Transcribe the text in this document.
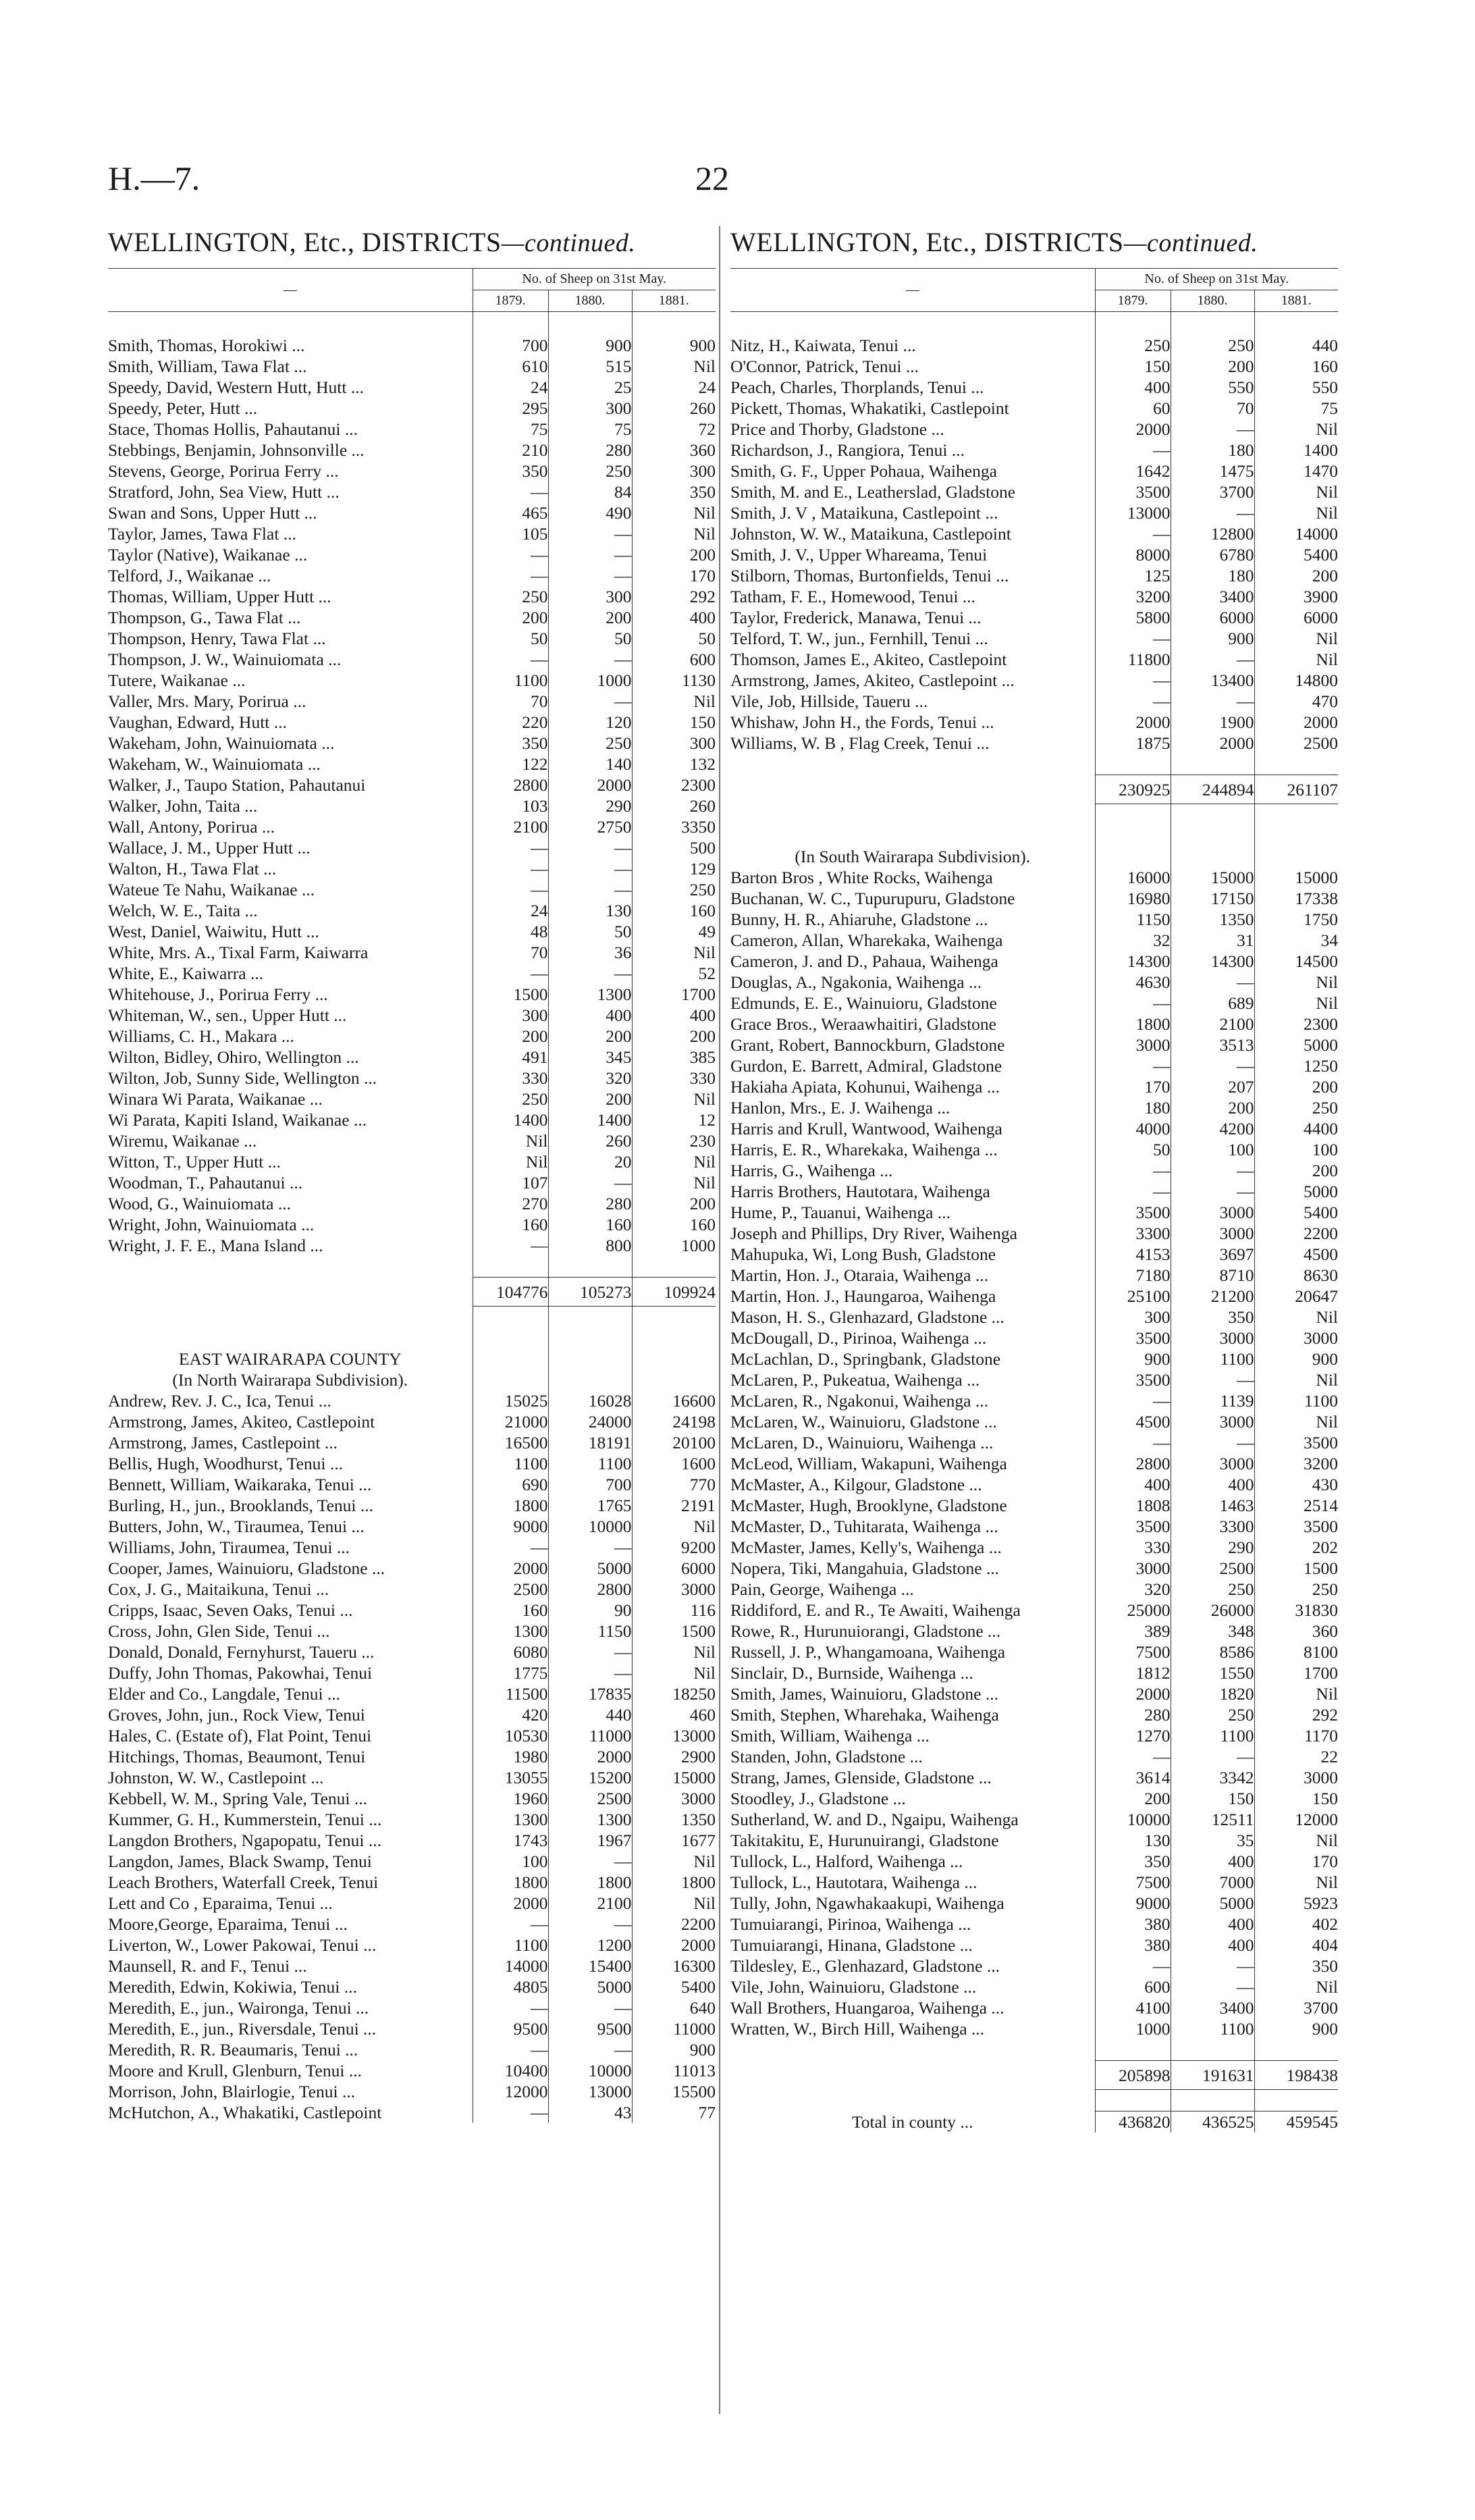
H.—7.	22
WELLINGTON, Etc., DISTRICTS—continued.
—	No. of Sheep on 31st May.		
	1879.	1880.	1881.

Smith, Thomas, Horokiwi ...	700	900	900
Smith, William, Tawa Flat ...	610	515	Nil
Speedy, David, Western Hutt, Hutt ...	24	25	24
Speedy, Peter, Hutt ...	295	300	260
Stace, Thomas Hollis, Pahautanui ...	75	75	72
Stebbings, Benjamin, Johnsonville ...	210	280	360
Stevens, George, Porirua Ferry ...	350	250	300
Stratford, John, Sea View, Hutt ...	—	84	350
Swan and Sons, Upper Hutt ...	465	490	Nil
Taylor, James, Tawa Flat ...	105	—	Nil
Taylor (Native), Waikanae ...	—	—	200
Telford, J., Waikanae ...	—	—	170
Thomas, William, Upper Hutt ...	250	300	292
Thompson, G., Tawa Flat ...	200	200	400
Thompson, Henry, Tawa Flat ...	50	50	50
Thompson, J. W., Wainuiomata ...	—	—	600
Tutere, Waikanae ...	1100	1000	1130
Valler, Mrs. Mary, Porirua ...	70	—	Nil
Vaughan, Edward, Hutt ...	220	120	150
Wakeham, John, Wainuiomata ...	350	250	300
Wakeham, W., Wainuiomata ...	122	140	132
Walker, J., Taupo Station, Pahautanui	2800	2000	2300
Walker, John, Taita ...	103	290	260
Wall, Antony, Porirua ...	2100	2750	3350
Wallace, J. M., Upper Hutt ...	—	—	500
Walton, H., Tawa Flat ...	—	—	129
Wateue Te Nahu, Waikanae ...	—	—	250
Welch, W. E., Taita ...	24	130	160
West, Daniel, Waiwitu, Hutt ...	48	50	49
White, Mrs. A., Tixal Farm, Kaiwarra	70	36	Nil
White, E., Kaiwarra ...	—	—	52
Whitehouse, J., Porirua Ferry ...	1500	1300	1700
Whiteman, W., sen., Upper Hutt ...	300	400	400
Williams, C. H., Makara ...	200	200	200
Wilton, Bidley, Ohiro, Wellington ...	491	345	385
Wilton, Job, Sunny Side, Wellington ...	330	320	330
Winara Wi Parata, Waikanae ...	250	200	Nil
Wi Parata, Kapiti Island, Waikanae ...	1400	1400	12
Wiremu, Waikanae ...	Nil	260	230
Witton, T., Upper Hutt ...	Nil	20	Nil
Woodman, T., Pahautanui ...	107	—	Nil
Wood, G., Wainuiomata ...	270	280	200
Wright, John, Wainuiomata ...	160	160	160
Wright, J. F. E., Mana Island ...	—	800	1000

	104776	105273	109924

EAST WAIRARAPA COUNTY			
(In North Wairarapa Subdivision).			
Andrew, Rev. J. C., Ica, Tenui ...	15025	16028	16600
Armstrong, James, Akiteo, Castlepoint	21000	24000	24198
Armstrong, James, Castlepoint ...	16500	18191	20100
Bellis, Hugh, Woodhurst, Tenui ...	1100	1100	1600
Bennett, William, Waikaraka, Tenui ...	690	700	770
Burling, H., jun., Brooklands, Tenui ...	1800	1765	2191
Butters, John, W., Tiraumea, Tenui ...	9000	10000	Nil
Williams, John, Tiraumea, Tenui ...	—	—	9200
Cooper, James, Wainuioru, Gladstone ...	2000	5000	6000
Cox, J. G., Maitaikuna, Tenui ...	2500	2800	3000
Cripps, Isaac, Seven Oaks, Tenui ...	160	90	116
Cross, John, Glen Side, Tenui ...	1300	1150	1500
Donald, Donald, Fernyhurst, Taueru ...	6080	—	Nil
Duffy, John Thomas, Pakowhai, Tenui	1775	—	Nil
Elder and Co., Langdale, Tenui ...	11500	17835	18250
Groves, John, jun., Rock View, Tenui	420	440	460
Hales, C. (Estate of), Flat Point, Tenui	10530	11000	13000
Hitchings, Thomas, Beaumont, Tenui	1980	2000	2900
Johnston, W. W., Castlepoint ...	13055	15200	15000
Kebbell, W. M., Spring Vale, Tenui ...	1960	2500	3000
Kummer, G. H., Kummerstein, Tenui ...	1300	1300	1350
Langdon Brothers, Ngapopatu, Tenui ...	1743	1967	1677
Langdon, James, Black Swamp, Tenui	100	—	Nil
Leach Brothers, Waterfall Creek, Tenui	1800	1800	1800
Lett and Co , Eparaima, Tenui ...	2000	2100	Nil
Moore,George, Eparaima, Tenui ...	—	—	2200
Liverton, W., Lower Pakowai, Tenui ...	1100	1200	2000
Maunsell, R. and F., Tenui ...	14000	15400	16300
Meredith, Edwin, Kokiwia, Tenui ...	4805	5000	5400
Meredith, E., jun., Waironga, Tenui ...	—	—	640
Meredith, E., jun., Riversdale, Tenui ...	9500	9500	11000
Meredith, R. R. Beaumaris, Tenui ...	—	—	900
Moore and Krull, Glenburn, Tenui ...	10400	10000	11013
Morrison, John, Blairlogie, Tenui ...	12000	13000	15500
McHutchon, A., Whakatiki, Castlepoint	—	43	77
WELLINGTON, Etc., DISTRICTS—continued.
—	No. of Sheep on 31st May.		
	1879.	1880.	1881.

Nitz, H., Kaiwata, Tenui ...	250	250	440
O'Connor, Patrick, Tenui ...	150	200	160
Peach, Charles, Thorplands, Tenui ...	400	550	550
Pickett, Thomas, Whakatiki, Castlepoint	60	70	75
Price and Thorby, Gladstone ...	2000	—	Nil
Richardson, J., Rangiora, Tenui ...	—	180	1400
Smith, G. F., Upper Pohaua, Waihenga	1642	1475	1470
Smith, M. and E., Leatherslad, Gladstone	3500	3700	Nil
Smith, J. V , Mataikuna, Castlepoint ...	13000	—	Nil
Johnston, W. W., Mataikuna, Castlepoint	—	12800	14000
Smith, J. V., Upper Whareama, Tenui	8000	6780	5400
Stilborn, Thomas, Burtonfields, Tenui ...	125	180	200
Tatham, F. E., Homewood, Tenui ...	3200	3400	3900
Taylor, Frederick, Manawa, Tenui ...	5800	6000	6000
Telford, T. W., jun., Fernhill, Tenui ...	—	900	Nil
Thomson, James E., Akiteo, Castlepoint	11800	—	Nil
Armstrong, James, Akiteo, Castlepoint ...	—	13400	14800
Vile, Job, Hillside, Taueru ...	—	—	470
Whishaw, John H., the Fords, Tenui ...	2000	1900	2000
Williams, W. B , Flag Creek, Tenui ...	1875	2000	2500

	230925	244894	261107

(In South Wairarapa Subdivision).			
Barton Bros , White Rocks, Waihenga	16000	15000	15000
Buchanan, W. C., Tupurupuru, Gladstone	16980	17150	17338
Bunny, H. R., Ahiaruhe, Gladstone ...	1150	1350	1750
Cameron, Allan, Wharekaka, Waihenga	32	31	34
Cameron, J. and D., Pahaua, Waihenga	14300	14300	14500
Douglas, A., Ngakonia, Waihenga ...	4630	—	Nil
Edmunds, E. E., Wainuioru, Gladstone	—	689	Nil
Grace Bros., Weraawhaitiri, Gladstone	1800	2100	2300
Grant, Robert, Bannockburn, Gladstone	3000	3513	5000
Gurdon, E. Barrett, Admiral, Gladstone	—	—	1250
Hakiaha Apiata, Kohunui, Waihenga ...	170	207	200
Hanlon, Mrs., E. J. Waihenga ...	180	200	250
Harris and Krull, Wantwood, Waihenga	4000	4200	4400
Harris, E. R., Wharekaka, Waihenga ...	50	100	100
Harris, G., Waihenga ...	—	—	200
Harris Brothers, Hautotara, Waihenga	—	—	5000
Hume, P., Tauanui, Waihenga ...	3500	3000	5400
Joseph and Phillips, Dry River, Waihenga	3300	3000	2200
Mahupuka, Wi, Long Bush, Gladstone	4153	3697	4500
Martin, Hon. J., Otaraia, Waihenga ...	7180	8710	8630
Martin, Hon. J., Haungaroa, Waihenga	25100	21200	20647
Mason, H. S., Glenhazard, Gladstone ...	300	350	Nil
McDougall, D., Pirinoa, Waihenga ...	3500	3000	3000
McLachlan, D., Springbank, Gladstone	900	1100	900
McLaren, P., Pukeatua, Waihenga ...	3500	—	Nil
McLaren, R., Ngakonui, Waihenga ...	—	1139	1100
McLaren, W., Wainuioru, Gladstone ...	4500	3000	Nil
McLaren, D., Wainuioru, Waihenga ...	—	—	3500
McLeod, William, Wakapuni, Waihenga	2800	3000	3200
McMaster, A., Kilgour, Gladstone ...	400	400	430
McMaster, Hugh, Brooklyne, Gladstone	1808	1463	2514
McMaster, D., Tuhitarata, Waihenga ...	3500	3300	3500
McMaster, James, Kelly's, Waihenga ...	330	290	202
Nopera, Tiki, Mangahuia, Gladstone ...	3000	2500	1500
Pain, George, Waihenga ...	320	250	250
Riddiford, E. and R., Te Awaiti, Waihenga	25000	26000	31830
Rowe, R., Hurunuiorangi, Gladstone ...	389	348	360
Russell, J. P., Whangamoana, Waihenga	7500	8586	8100
Sinclair, D., Burnside, Waihenga ...	1812	1550	1700
Smith, James, Wainuioru, Gladstone ...	2000	1820	Nil
Smith, Stephen, Wharehaka, Waihenga	280	250	292
Smith, William, Waihenga ...	1270	1100	1170
Standen, John, Gladstone ...	—	—	22
Strang, James, Glenside, Gladstone ...	3614	3342	3000
Stoodley, J., Gladstone ...	200	150	150
Sutherland, W. and D., Ngaipu, Waihenga	10000	12511	12000
Takitakitu, E, Hurunuirangi, Gladstone	130	35	Nil
Tullock, L., Halford, Waihenga ...	350	400	170
Tullock, L., Hautotara, Waihenga ...	7500	7000	Nil
Tully, John, Ngawhakaakupi, Waihenga	9000	5000	5923
Tumuiarangi, Pirinoa, Waihenga ...	380	400	402
Tumuiarangi, Hinana, Gladstone ...	380	400	404
Tildesley, E., Glenhazard, Gladstone ...	—	—	350
Vile, John, Wainuioru, Gladstone ...	600	—	Nil
Wall Brothers, Huangaroa, Waihenga ...	4100	3400	3700
Wratten, W., Birch Hill, Waihenga ...	1000	1100	900

	205898	191631	198438

Total in county ...	436820	436525	459545
